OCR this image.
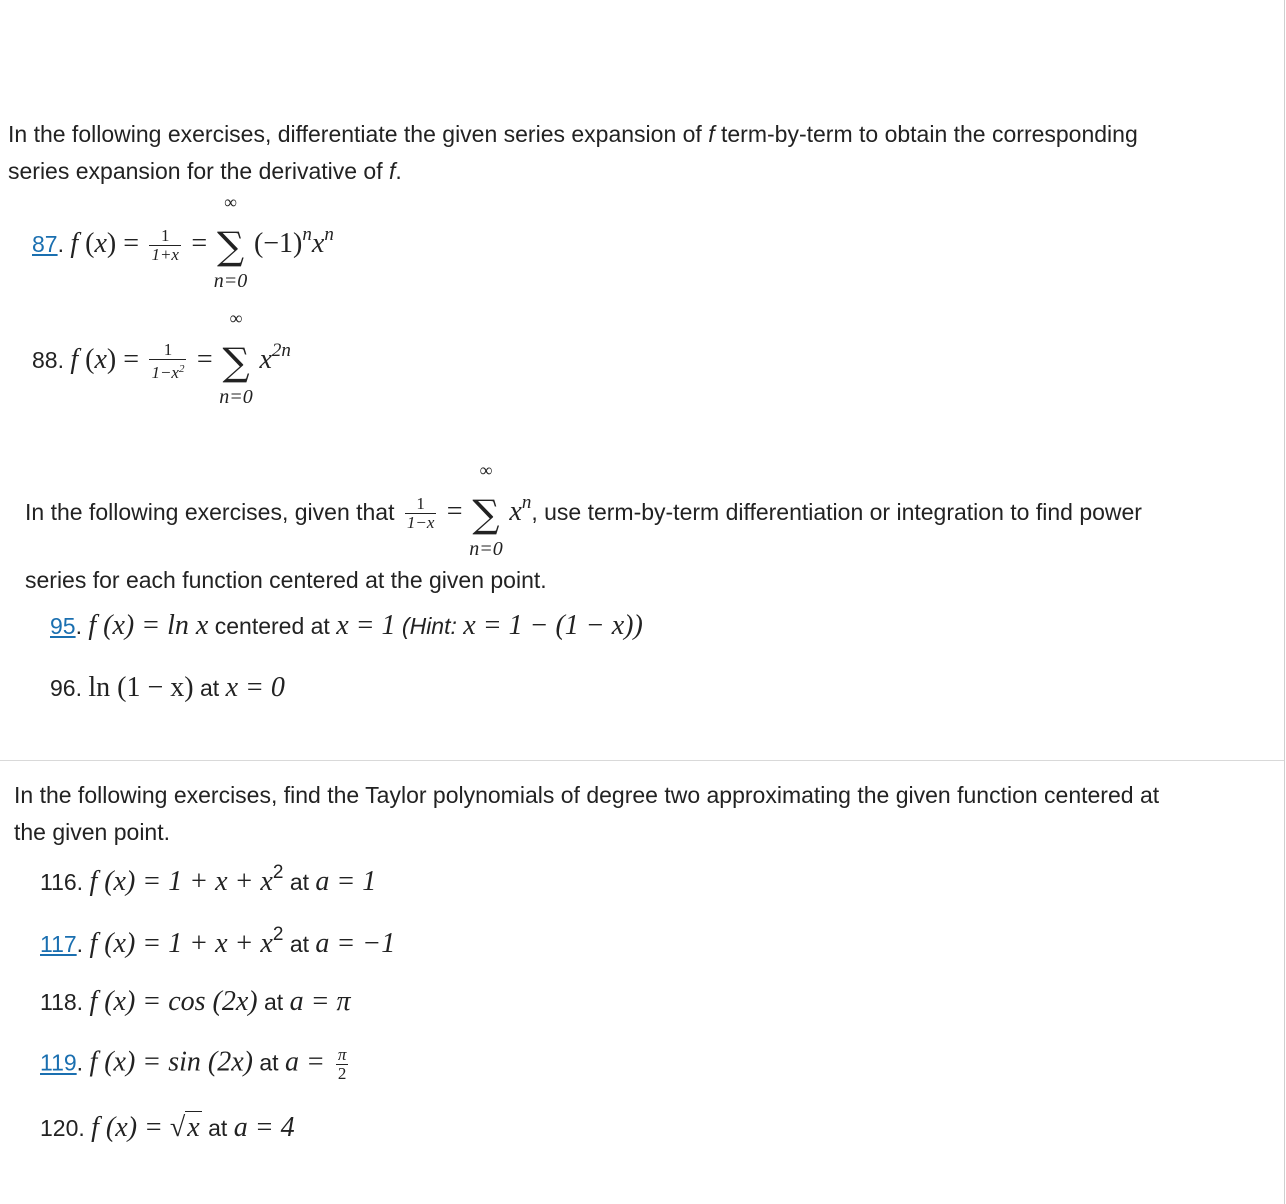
In the following exercises, differentiate the given series expansion of f term-by-term to obtain the corresponding
series expansion for the derivative of f.
87. f $(x) = \frac{1}{1+x}$ =
∞
∑
n=0
$(-1)^nx^n$
88. f $(x) = \frac{1}{1-x^2}$ =
∞
∑
n=0
$x^{2n}$
In the following exercises, given that $\frac{1}{1-x}$ =
∞
∑
n=0
$x^n$, use term-by-term differentiation or integration to find power
series for each function centered at the given point.
95. f (x) = ln x centered at x = 1 (Hint: x = 1 − (1 − x))
96. ln (1 − x) at x = 0
In the following exercises, find the Taylor polynomials of degree two approximating the given function centered at
the given point.
116. f $(x) = 1 + x + x^2$ at a = 1
117. f $(x) = 1 + x + x^2$ at a = −1
118. f (x) = cos (2x) at a = π
119. f (x) = sin (2x) at $a = \frac{\pi}{2}$
120. f (x) = √x at a = 4
